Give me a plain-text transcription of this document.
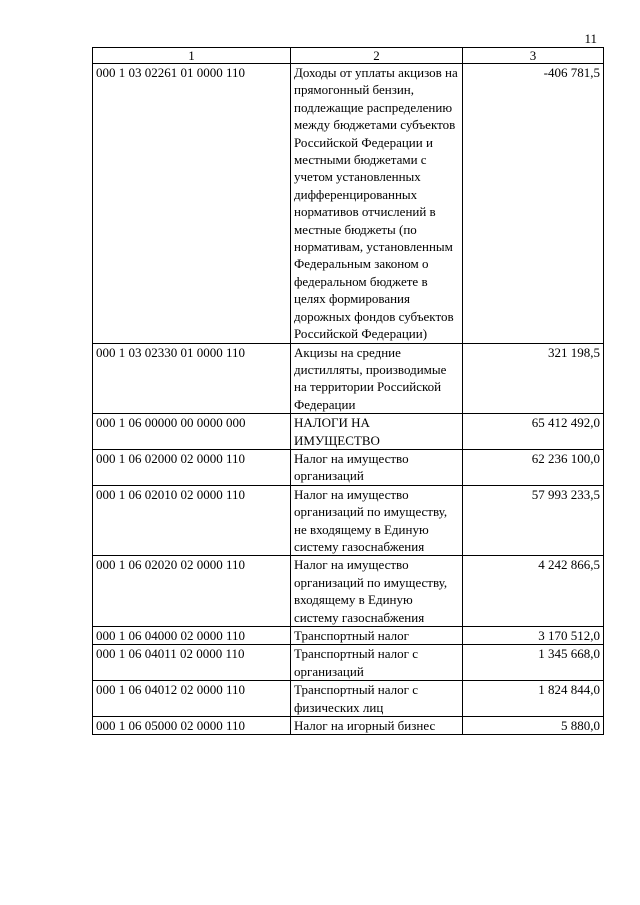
11
1	2	3
000 1 03 02261 01 0000 110	Доходы от уплаты акцизов на прямогонный бензин, подлежащие распределению между бюджетами субъектов Российской Федерации и местными бюджетами с учетом установленных дифференцированных нормативов отчислений в местные бюджеты (по нормативам, установленным Федеральным законом о федеральном бюджете в целях формирования дорожных фондов субъектов Российской Федерации)	-406 781,5
000 1 03 02330 01 0000 110	Акцизы на средние дистилляты, производимые на территории Российской Федерации	321 198,5
000 1 06 00000 00 0000 000	НАЛОГИ НА ИМУЩЕСТВО	65 412 492,0
000 1 06 02000 02 0000 110	Налог на имущество организаций	62 236 100,0
000 1 06 02010 02 0000 110	Налог на имущество организаций по имуществу, не входящему в Единую систему газоснабжения	57 993 233,5
000 1 06 02020 02 0000 110	Налог на имущество организаций по имуществу, входящему в Единую систему газоснабжения	4 242 866,5
000 1 06 04000 02 0000 110	Транспортный налог	3 170 512,0
000 1 06 04011 02 0000 110	Транспортный налог с организаций	1 345 668,0
000 1 06 04012 02 0000 110	Транспортный налог с физических лиц	1 824 844,0
000 1 06 05000 02 0000 110	Налог на игорный бизнес	5 880,0
